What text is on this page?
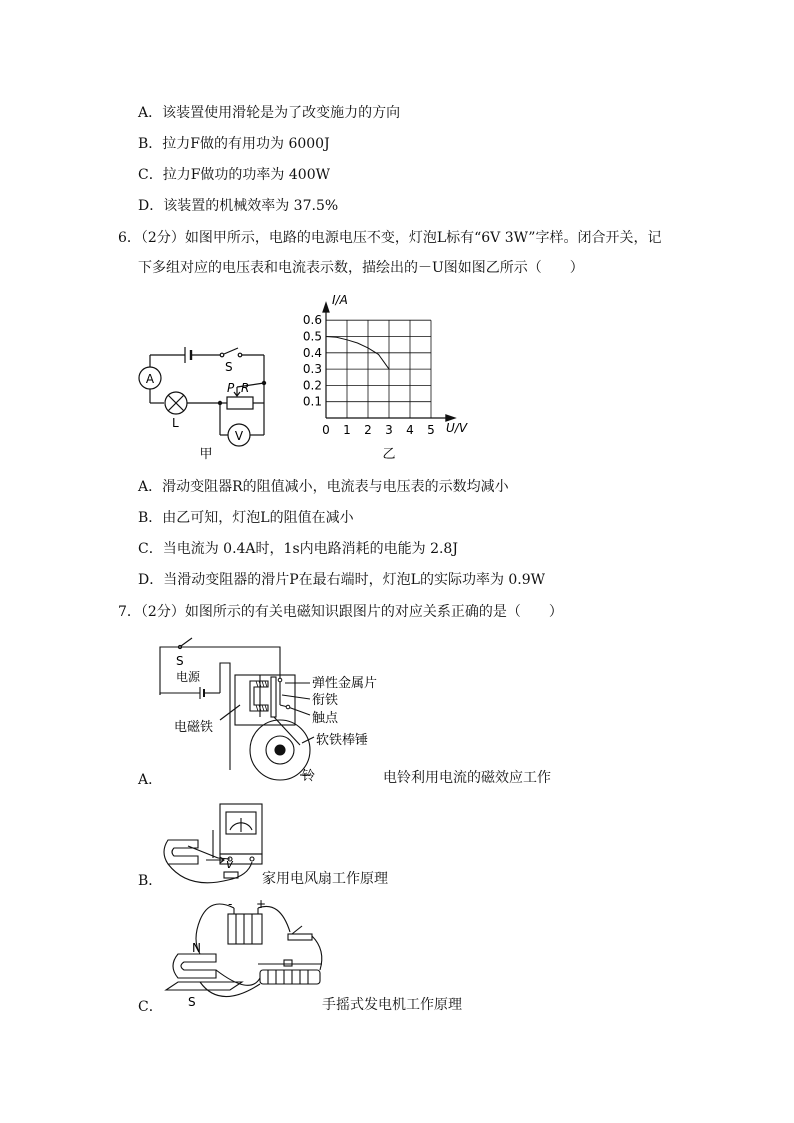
A．该装置使用滑轮是为了改变施力的方向
B．拉力F做的有用功为 6000J
C．拉力F做功的功率为 400W
D．该装置的机械效率为 37.5%
6．（2分）如图甲所示，电路的电源电压不变，灯泡L标有“6V 3W”字样。闭合开关，记
下多组对应的电压表和电流表示数，描绘出的－U图如图乙所示（　　）
A
S
L
P R
V
甲
0.1
0.2
0.3
0.4
0.5
0.6
0 1 2 3 4 5
I/A
U/V
乙
A．滑动变阻器R的阻值减小，电流表与电压表的示数均减小
B．由乙可知，灯泡L的阻值在减小
C．当电流为 0.4A时，1s内电路消耗的电能为 2.8J
D．当滑动变阻器的滑片P在最右端时，灯泡L的实际功率为 0.9W
7．（2分）如图所示的有关电磁知识跟图片的对应关系正确的是（　　）
S
电源	弹性金属片
衔铁
触点
软铁棒锤
电磁铁
铃
A．	电铃利用电流的磁效应工作
v
B．	家用电风扇工作原理
N
S
- +
C．	手摇式发电机工作原理
